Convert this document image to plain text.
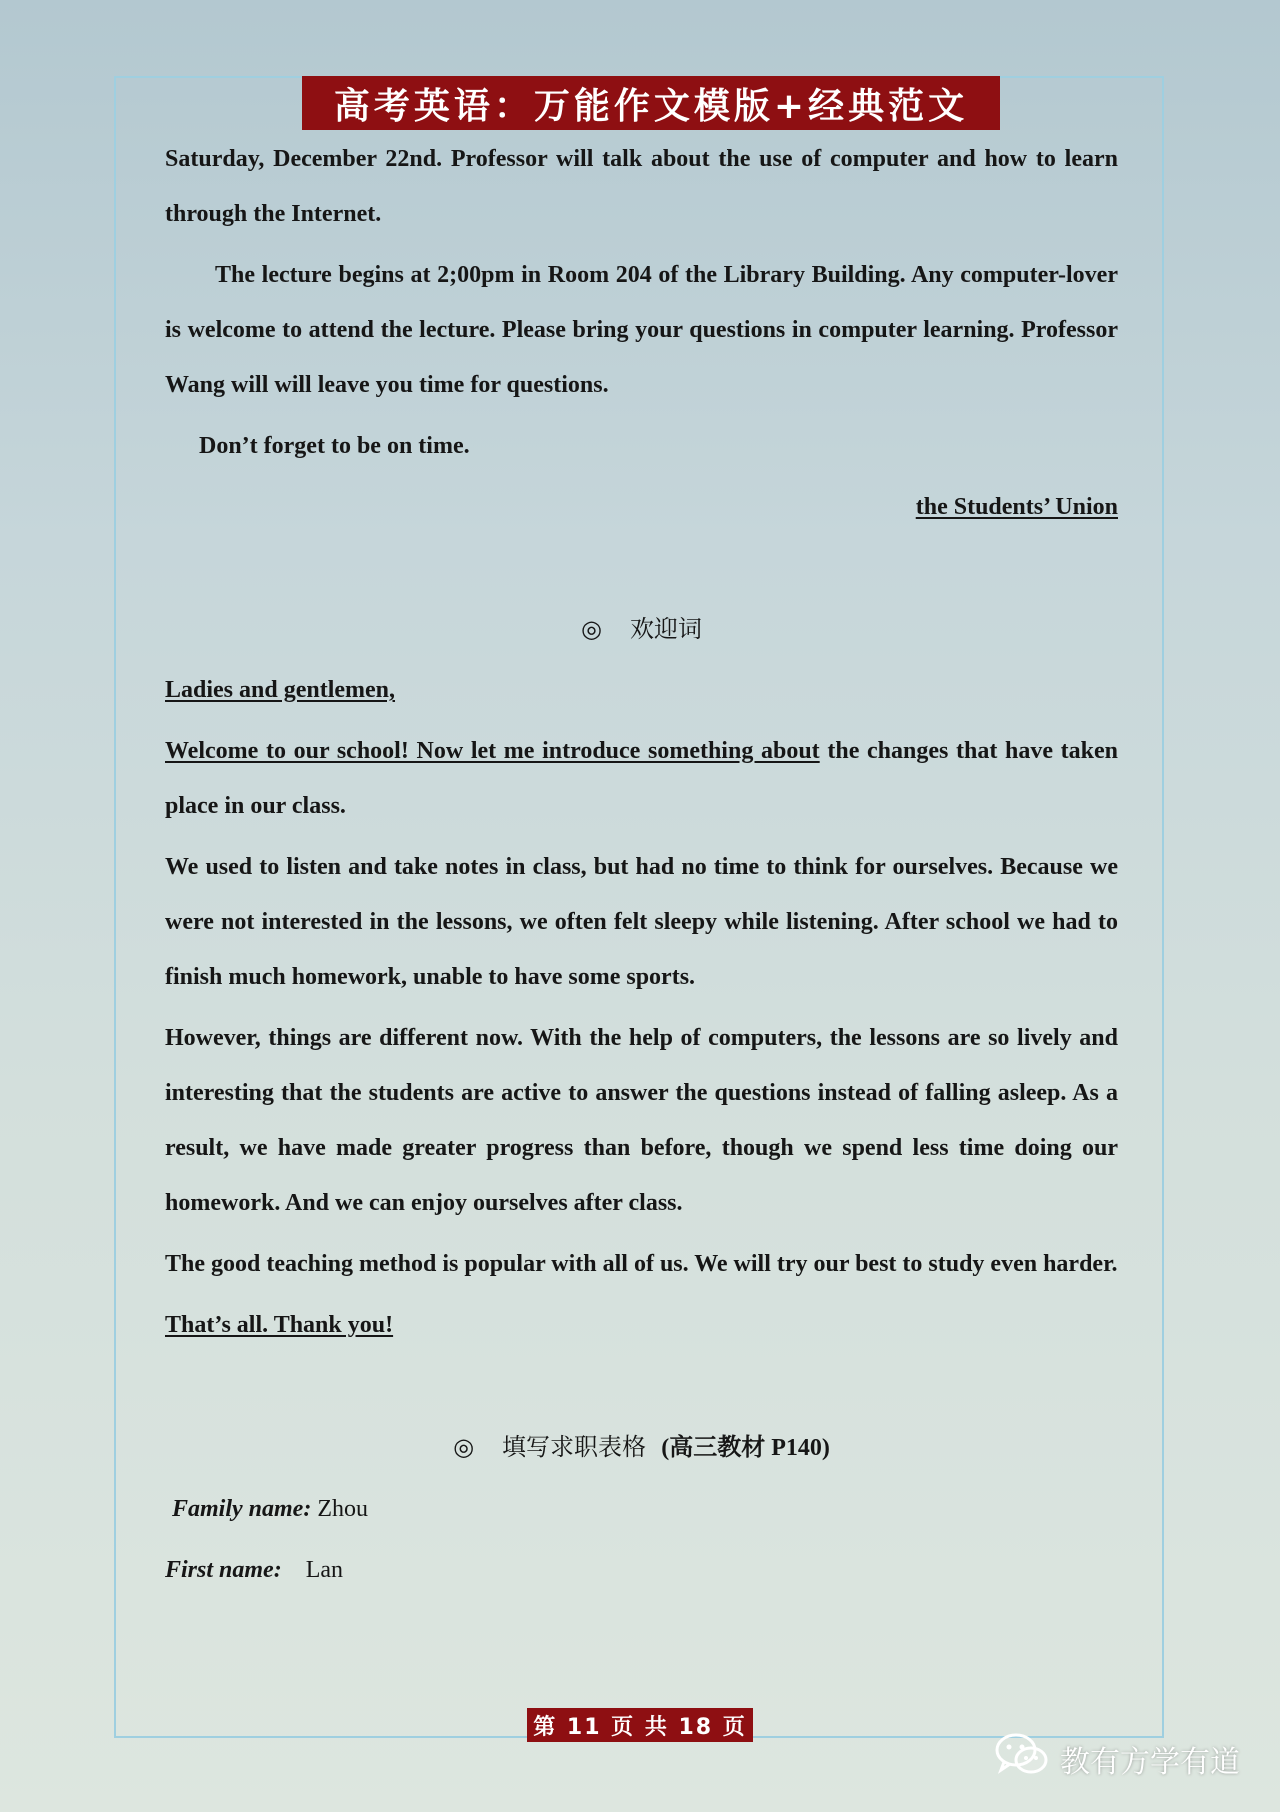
高考英语：万能作文模版+经典范文

Saturday, December 22nd. Professor will talk about the use of computer and how to learn through the Internet.

The lecture begins at 2;00pm in Room 204 of the Library Building. Any computer-lover is welcome to attend the lecture. Please bring your questions in computer learning. Professor Wang will will leave you time for questions.

Don’t forget to be on time.

the Students’ Union

◎ 欢迎词

Ladies and gentlemen,

Welcome to our school! Now let me introduce something about the changes that have taken place in our class.

We used to listen and take notes in class, but had no time to think for ourselves. Because we were not interested in the lessons, we often felt sleepy while listening. After school we had to finish much homework, unable to have some sports.

However, things are different now. With the help of computers, the lessons are so lively and interesting that the students are active to answer the questions instead of falling asleep. As a result, we have made greater progress than before, though we spend less time doing our homework. And we can enjoy ourselves after class.

The good teaching method is popular with all of us. We will try our best to study even harder.

That’s all. Thank you!

◎ 填写求职表格 (高三教材 P140)

Family name: Zhou

First name: Lan

第 11 页 共 18 页
教有方学有道
